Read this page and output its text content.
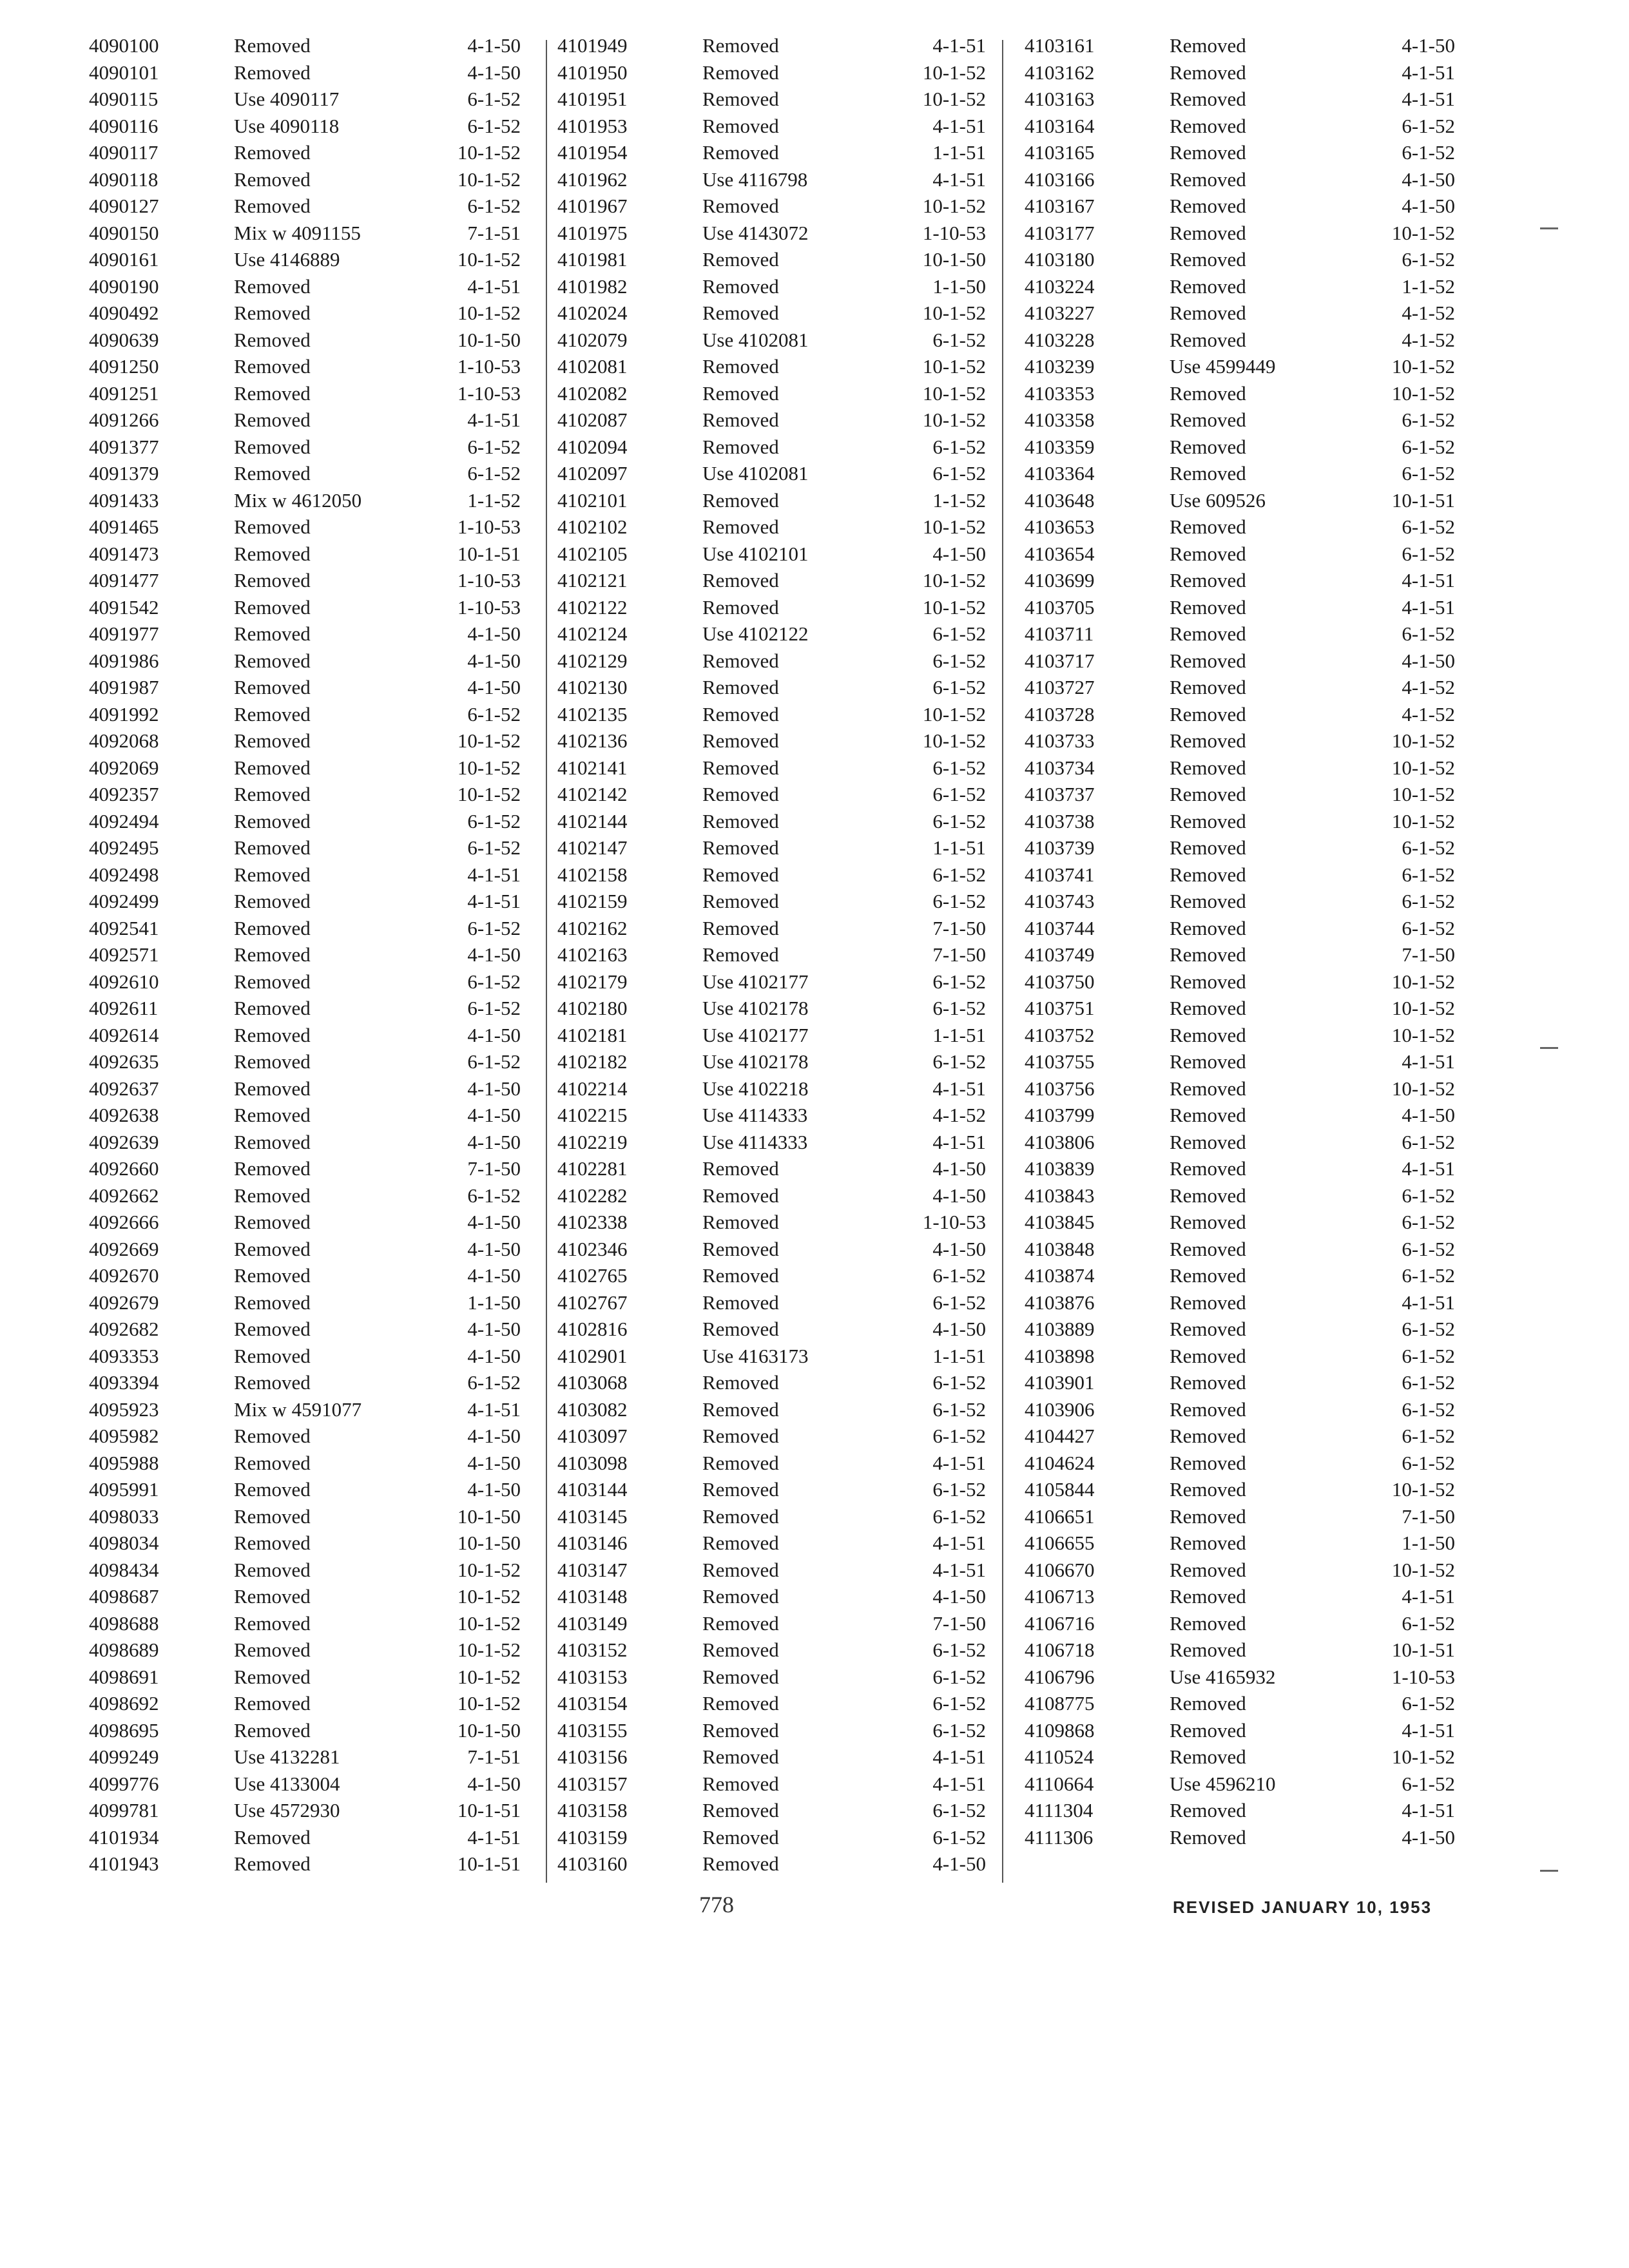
4090100	Removed	4-1-50
4090101	Removed	4-1-50
4090115	Use 4090117	6-1-52
4090116	Use 4090118	6-1-52
4090117	Removed	10-1-52
4090118	Removed	10-1-52
4090127	Removed	6-1-52
4090150	Mix w 4091155	7-1-51
4090161	Use 4146889	10-1-52
4090190	Removed	4-1-51
4090492	Removed	10-1-52
4090639	Removed	10-1-50
4091250	Removed	1-10-53
4091251	Removed	1-10-53
4091266	Removed	4-1-51
4091377	Removed	6-1-52
4091379	Removed	6-1-52
4091433	Mix w 4612050	1-1-52
4091465	Removed	1-10-53
4091473	Removed	10-1-51
4091477	Removed	1-10-53
4091542	Removed	1-10-53
4091977	Removed	4-1-50
4091986	Removed	4-1-50
4091987	Removed	4-1-50
4091992	Removed	6-1-52
4092068	Removed	10-1-52
4092069	Removed	10-1-52
4092357	Removed	10-1-52
4092494	Removed	6-1-52
4092495	Removed	6-1-52
4092498	Removed	4-1-51
4092499	Removed	4-1-51
4092541	Removed	6-1-52
4092571	Removed	4-1-50
4092610	Removed	6-1-52
4092611	Removed	6-1-52
4092614	Removed	4-1-50
4092635	Removed	6-1-52
4092637	Removed	4-1-50
4092638	Removed	4-1-50
4092639	Removed	4-1-50
4092660	Removed	7-1-50
4092662	Removed	6-1-52
4092666	Removed	4-1-50
4092669	Removed	4-1-50
4092670	Removed	4-1-50
4092679	Removed	1-1-50
4092682	Removed	4-1-50
4093353	Removed	4-1-50
4093394	Removed	6-1-52
4095923	Mix w 4591077	4-1-51
4095982	Removed	4-1-50
4095988	Removed	4-1-50
4095991	Removed	4-1-50
4098033	Removed	10-1-50
4098034	Removed	10-1-50
4098434	Removed	10-1-52
4098687	Removed	10-1-52
4098688	Removed	10-1-52
4098689	Removed	10-1-52
4098691	Removed	10-1-52
4098692	Removed	10-1-52
4098695	Removed	10-1-50
4099249	Use 4132281	7-1-51
4099776	Use 4133004	4-1-50
4099781	Use 4572930	10-1-51
4101934	Removed	4-1-51
4101943	Removed	10-1-51
4101949	Removed	4-1-51
4101950	Removed	10-1-52
4101951	Removed	10-1-52
4101953	Removed	4-1-51
4101954	Removed	1-1-51
4101962	Use 4116798	4-1-51
4101967	Removed	10-1-52
4101975	Use 4143072	1-10-53
4101981	Removed	10-1-50
4101982	Removed	1-1-50
4102024	Removed	10-1-52
4102079	Use 4102081	6-1-52
4102081	Removed	10-1-52
4102082	Removed	10-1-52
4102087	Removed	10-1-52
4102094	Removed	6-1-52
4102097	Use 4102081	6-1-52
4102101	Removed	1-1-52
4102102	Removed	10-1-52
4102105	Use 4102101	4-1-50
4102121	Removed	10-1-52
4102122	Removed	10-1-52
4102124	Use 4102122	6-1-52
4102129	Removed	6-1-52
4102130	Removed	6-1-52
4102135	Removed	10-1-52
4102136	Removed	10-1-52
4102141	Removed	6-1-52
4102142	Removed	6-1-52
4102144	Removed	6-1-52
4102147	Removed	1-1-51
4102158	Removed	6-1-52
4102159	Removed	6-1-52
4102162	Removed	7-1-50
4102163	Removed	7-1-50
4102179	Use 4102177	6-1-52
4102180	Use 4102178	6-1-52
4102181	Use 4102177	1-1-51
4102182	Use 4102178	6-1-52
4102214	Use 4102218	4-1-51
4102215	Use 4114333	4-1-52
4102219	Use 4114333	4-1-51
4102281	Removed	4-1-50
4102282	Removed	4-1-50
4102338	Removed	1-10-53
4102346	Removed	4-1-50
4102765	Removed	6-1-52
4102767	Removed	6-1-52
4102816	Removed	4-1-50
4102901	Use 4163173	1-1-51
4103068	Removed	6-1-52
4103082	Removed	6-1-52
4103097	Removed	6-1-52
4103098	Removed	4-1-51
4103144	Removed	6-1-52
4103145	Removed	6-1-52
4103146	Removed	4-1-51
4103147	Removed	4-1-51
4103148	Removed	4-1-50
4103149	Removed	7-1-50
4103152	Removed	6-1-52
4103153	Removed	6-1-52
4103154	Removed	6-1-52
4103155	Removed	6-1-52
4103156	Removed	4-1-51
4103157	Removed	4-1-51
4103158	Removed	6-1-52
4103159	Removed	6-1-52
4103160	Removed	4-1-50
4103161	Removed	4-1-50
4103162	Removed	4-1-51
4103163	Removed	4-1-51
4103164	Removed	6-1-52
4103165	Removed	6-1-52
4103166	Removed	4-1-50
4103167	Removed	4-1-50
4103177	Removed	10-1-52
4103180	Removed	6-1-52
4103224	Removed	1-1-52
4103227	Removed	4-1-52
4103228	Removed	4-1-52
4103239	Use 4599449	10-1-52
4103353	Removed	10-1-52
4103358	Removed	6-1-52
4103359	Removed	6-1-52
4103364	Removed	6-1-52
4103648	Use 609526	10-1-51
4103653	Removed	6-1-52
4103654	Removed	6-1-52
4103699	Removed	4-1-51
4103705	Removed	4-1-51
4103711	Removed	6-1-52
4103717	Removed	4-1-50
4103727	Removed	4-1-52
4103728	Removed	4-1-52
4103733	Removed	10-1-52
4103734	Removed	10-1-52
4103737	Removed	10-1-52
4103738	Removed	10-1-52
4103739	Removed	6-1-52
4103741	Removed	6-1-52
4103743	Removed	6-1-52
4103744	Removed	6-1-52
4103749	Removed	7-1-50
4103750	Removed	10-1-52
4103751	Removed	10-1-52
4103752	Removed	10-1-52
4103755	Removed	4-1-51
4103756	Removed	10-1-52
4103799	Removed	4-1-50
4103806	Removed	6-1-52
4103839	Removed	4-1-51
4103843	Removed	6-1-52
4103845	Removed	6-1-52
4103848	Removed	6-1-52
4103874	Removed	6-1-52
4103876	Removed	4-1-51
4103889	Removed	6-1-52
4103898	Removed	6-1-52
4103901	Removed	6-1-52
4103906	Removed	6-1-52
4104427	Removed	6-1-52
4104624	Removed	6-1-52
4105844	Removed	10-1-52
4106651	Removed	7-1-50
4106655	Removed	1-1-50
4106670	Removed	10-1-52
4106713	Removed	4-1-51
4106716	Removed	6-1-52
4106718	Removed	10-1-51
4106796	Use 4165932	1-10-53
4108775	Removed	6-1-52
4109868	Removed	4-1-51
4110524	Removed	10-1-52
4110664	Use 4596210	6-1-52
4111304	Removed	4-1-51
4111306	Removed	4-1-50
778	REVISED JANUARY 10, 1953
